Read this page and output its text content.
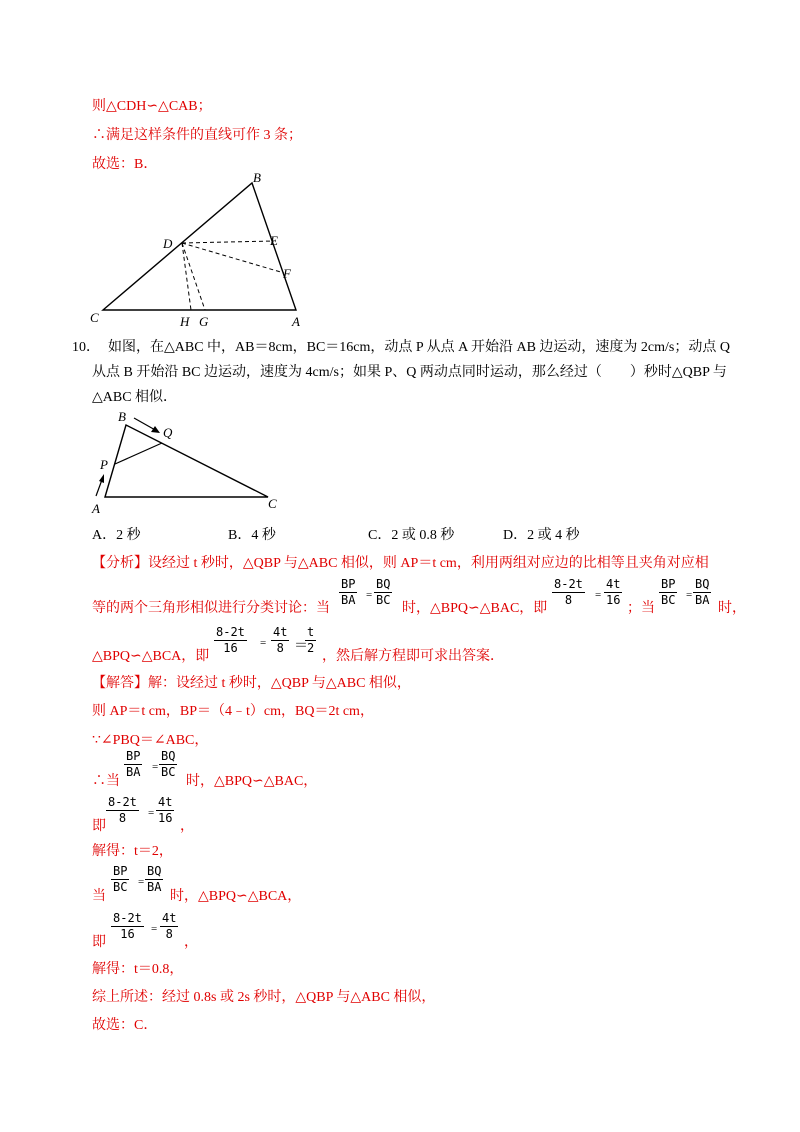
则△CDH∽△CAB；
∴满足这样条件的直线可作 3 条；
故选：B．
B
D	E
F
C	H G	A
10． 如图，在△ABC 中，AB＝8cm，BC＝16cm，动点 P 从点 A 开始沿 AB 边运动，速度为 2cm/s；动点 Q
从点 B 开始沿 BC 边运动，速度为 4cm/s；如果 P、Q 两动点同时运动，那么经过（　　）秒时△QBP 与
△ABC 相似．
B
Q
P
A	C
A．2 秒	B．4 秒	C．2 或 0.8 秒	D．2 或 4 秒
【分析】设经过 t 秒时，△QBP 与△ABC 相似，则 AP＝t cm，利用两组对应边的比相等且夹角对应相
等的两个三角形相似进行分类讨论：当
$\frac{BP}{BA} = \frac{BQ}{BC}$
时，△BPQ∽△BAC，即
$\frac{8-2t}{8} = \frac{4t}{16}$
；当
$\frac{BP}{BC} = \frac{BQ}{BA}$
时，
△BPQ∽△BCA，即
$\frac{8-2t}{16} = \frac{4t}{8}$ ＝
$\frac{t}{2}$
，然后解方程即可求出答案．
【解答】解：设经过 t 秒时，△QBP 与△ABC 相似，
则 AP＝t cm，BP＝（4﹣t）cm，BQ＝2t cm，
∵∠PBQ＝∠ABC，
∴当
$\frac{BP}{BA} = \frac{BQ}{BC}$
时，△BPQ∽△BAC，
即
$\frac{8-2t}{8} = \frac{4t}{16}$
，
解得：t＝2，
当
$\frac{BP}{BC} = \frac{BQ}{BA}$
时，△BPQ∽△BCA，
即
$\frac{8-2t}{16} = \frac{4t}{8}$
，
解得：t＝0.8，
综上所述：经过 0.8s 或 2s 秒时，△QBP 与△ABC 相似，
故选：C．
